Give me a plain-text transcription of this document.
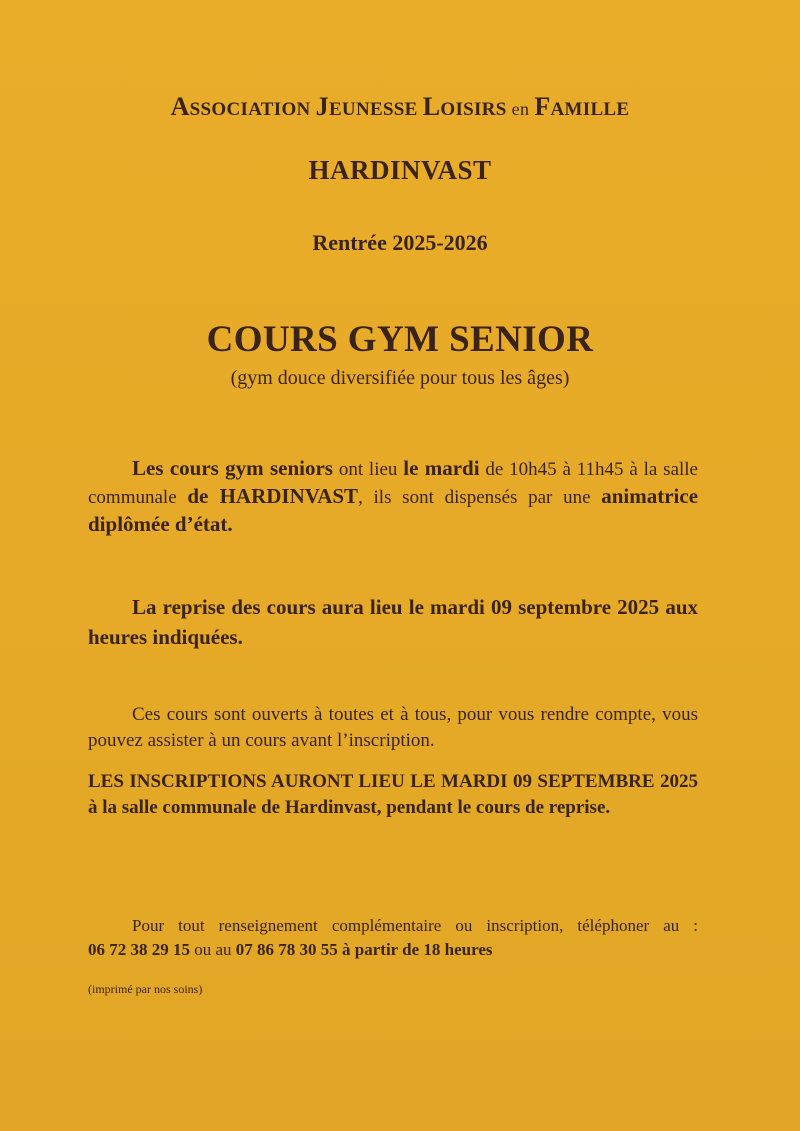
ASSOCIATION JEUNESSE LOISIRS en FAMILLE
HARDINVAST
Rentrée 2025-2026
COURS GYM SENIOR
(gym douce diversifiée pour tous les âges)
Les cours gym seniors ont lieu le mardi de 10h45 à 11h45 à la salle communale de HARDINVAST, ils sont dispensés par une animatrice diplômée d’état.
La reprise des cours aura lieu le mardi 09 septembre 2025 aux heures indiquées.
Ces cours sont ouverts à toutes et à tous, pour vous rendre compte, vous pouvez assister à un cours avant l’inscription.
LES INSCRIPTIONS AURONT LIEU LE MARDI 09 SEPTEMBRE 2025 à la salle communale de Hardinvast, pendant le cours de reprise.
Pour tout renseignement complémentaire ou inscription, téléphoner au :
06 72 38 29 15 ou au 07 86 78 30 55 à partir de 18 heures
(imprimé par nos soins)
